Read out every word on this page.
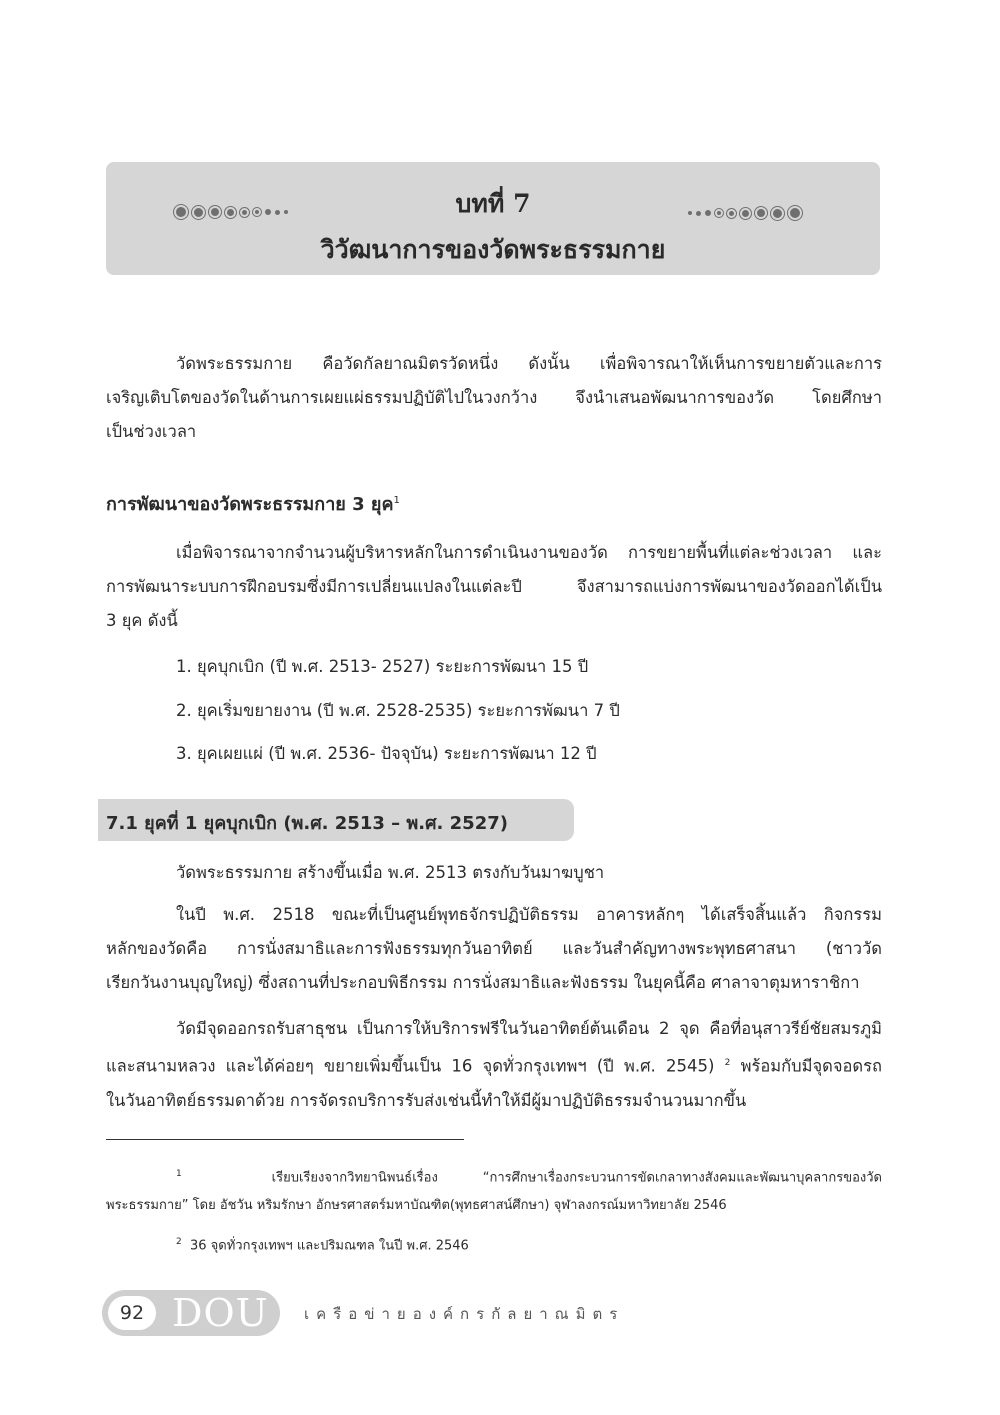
บทที่ 7
วิวัฒนาการของวัดพระธรรมกาย

วัดพระธรรมกาย คือวัดกัลยาณมิตรวัดหนึ่ง ดังนั้น เพื่อพิจารณาให้เห็นการขยายตัวและการ
เจริญเติบโตของวัดในด้านการเผยแผ่ธรรมปฏิบัติไปในวงกว้าง จึงนำเสนอพัฒนาการของวัด โดยศึกษา
เป็นช่วงเวลา

การพัฒนาของวัดพระธรรมกาย 3 ยุค$^1$

เมื่อพิจารณาจากจำนวนผู้บริหารหลักในการดำเนินงานของวัด การขยายพื้นที่แต่ละช่วงเวลา และ
การพัฒนาระบบการฝึกอบรมซึ่งมีการเปลี่ยนแปลงในแต่ละปี จึงสามารถแบ่งการพัฒนาของวัดออกได้เป็น
3 ยุค ดังนี้

1. ยุคบุกเบิก (ปี พ.ศ. 2513- 2527) ระยะการพัฒนา 15 ปี

2. ยุคเริ่มขยายงาน (ปี พ.ศ. 2528-2535) ระยะการพัฒนา 7 ปี

3. ยุคเผยแผ่ (ปี พ.ศ. 2536- ปัจจุบัน) ระยะการพัฒนา 12 ปี

7.1 ยุคที่ 1 ยุคบุกเบิก (พ.ศ. 2513 – พ.ศ. 2527)

วัดพระธรรมกาย สร้างขึ้นเมื่อ พ.ศ. 2513 ตรงกับวันมาฆบูชา

ในปี พ.ศ. 2518 ขณะที่เป็นศูนย์พุทธจักรปฏิบัติธรรม อาคารหลักๆ ได้เสร็จสิ้นแล้ว กิจกรรม
หลักของวัดคือ การนั่งสมาธิและการฟังธรรมทุกวันอาทิตย์ และวันสำคัญทางพระพุทธศาสนา (ชาววัด
เรียกวันงานบุญใหญ่) ซึ่งสถานที่ประกอบพิธีกรรม การนั่งสมาธิและฟังธรรม ในยุคนี้คือ ศาลาจาตุมหาราชิกา

วัดมีจุดออกรถรับสาธุชน เป็นการให้บริการฟรีในวันอาทิตย์ต้นเดือน 2 จุด คือที่อนุสาวรีย์ชัยสมรภูมิ
และสนามหลวง และได้ค่อยๆ ขยายเพิ่มขึ้นเป็น 16 จุดทั่วกรุงเทพฯ (ปี พ.ศ. 2545) $^2$ พร้อมกับมีจุดจอดรถ
ในวันอาทิตย์ธรรมดาด้วย การจัดรถบริการรับส่งเช่นนี้ทำให้มีผู้มาปฏิบัติธรรมจำนวนมากขึ้น

$^1$	เรียบเรียงจากวิทยานิพนธ์เรื่อง “การศึกษาเรื่องกระบวนการขัดเกลาทางสังคมและพัฒนาบุคลากรของวัด
พระธรรมกาย” โดย อัชวัน หริมรักษา อักษรศาสตร์มหาบัณฑิต(พุทธศาสน์ศึกษา) จุฬาลงกรณ์มหาวิทยาลัย 2546

$^2$ 36 จุดทั่วกรุงเทพฯ และปริมณฑล ในปี พ.ศ. 2546

92 DOU เครือข่ายองค์กรกัลยาณมิตร
